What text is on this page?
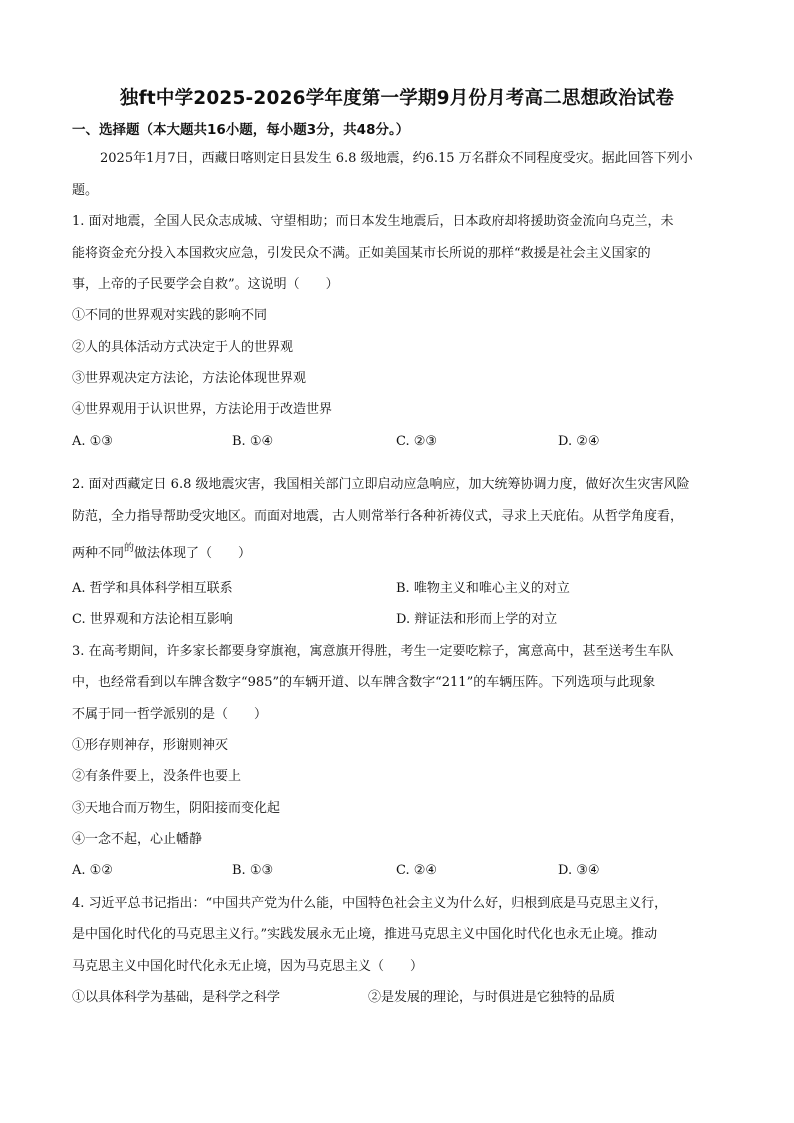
独ft中学2025-2026学年度第一学期9月份月考高二思想政治试卷
一、选择题（本大题共16小题，每小题3分，共48分。）
2025年1月7日，西藏日喀则定日县发生 6.8 级地震，约6.15 万名群众不同程度受灾。据此回答下列小
题。
1. 面对地震，全国人民众志成城、守望相助；而日本发生地震后，日本政府却将援助资金流向乌克兰，未
能将资金充分投入本国救灾应急，引发民众不满。正如美国某市长所说的那样“救援是社会主义国家的
事，上帝的子民要学会自救”。这说明（　　）
①不同的世界观对实践的影响不同
②人的具体活动方式决定于人的世界观
③世界观决定方法论，方法论体现世界观
④世界观用于认识世界，方法论用于改造世界
A. ①③	B. ①④	C. ②③	D. ②④
2. 面对西藏定日 6.8 级地震灾害，我国相关部门立即启动应急响应，加大统筹协调力度，做好次生灾害风险
防范，全力指导帮助受灾地区。而面对地震，古人则常举行各种祈祷仪式，寻求上天庇佑。从哲学角度看，
两种不同$^的$做法体现了（　　）
A. 哲学和具体科学相互联系	B. 唯物主义和唯心主义的对立
C. 世界观和方法论相互影响	D. 辩证法和形而上学的对立
3. 在高考期间，许多家长都要身穿旗袍，寓意旗开得胜，考生一定要吃粽子，寓意高中，甚至送考生车队
中，也经常看到以车牌含数字“985”的车辆开道、以车牌含数字“211”的车辆压阵。下列选项与此现象
不属于同一哲学派别的是（　　）
①形存则神存，形谢则神灭
②有条件要上，没条件也要上
③天地合而万物生，阴阳接而变化起
④一念不起，心止幡静
A. ①②	B. ①③	C. ②④	D. ③④
4. 习近平总书记指出：“中国共产党为什么能，中国特色社会主义为什么好，归根到底是马克思主义行，
是中国化时代化的马克思主义行。”实践发展永无止境，推进马克思主义中国化时代化也永无止境。推动
马克思主义中国化时代化永无止境，因为马克思主义（　　）
①以具体科学为基础，是科学之科学	②是发展的理论，与时俱进是它独特的品质
